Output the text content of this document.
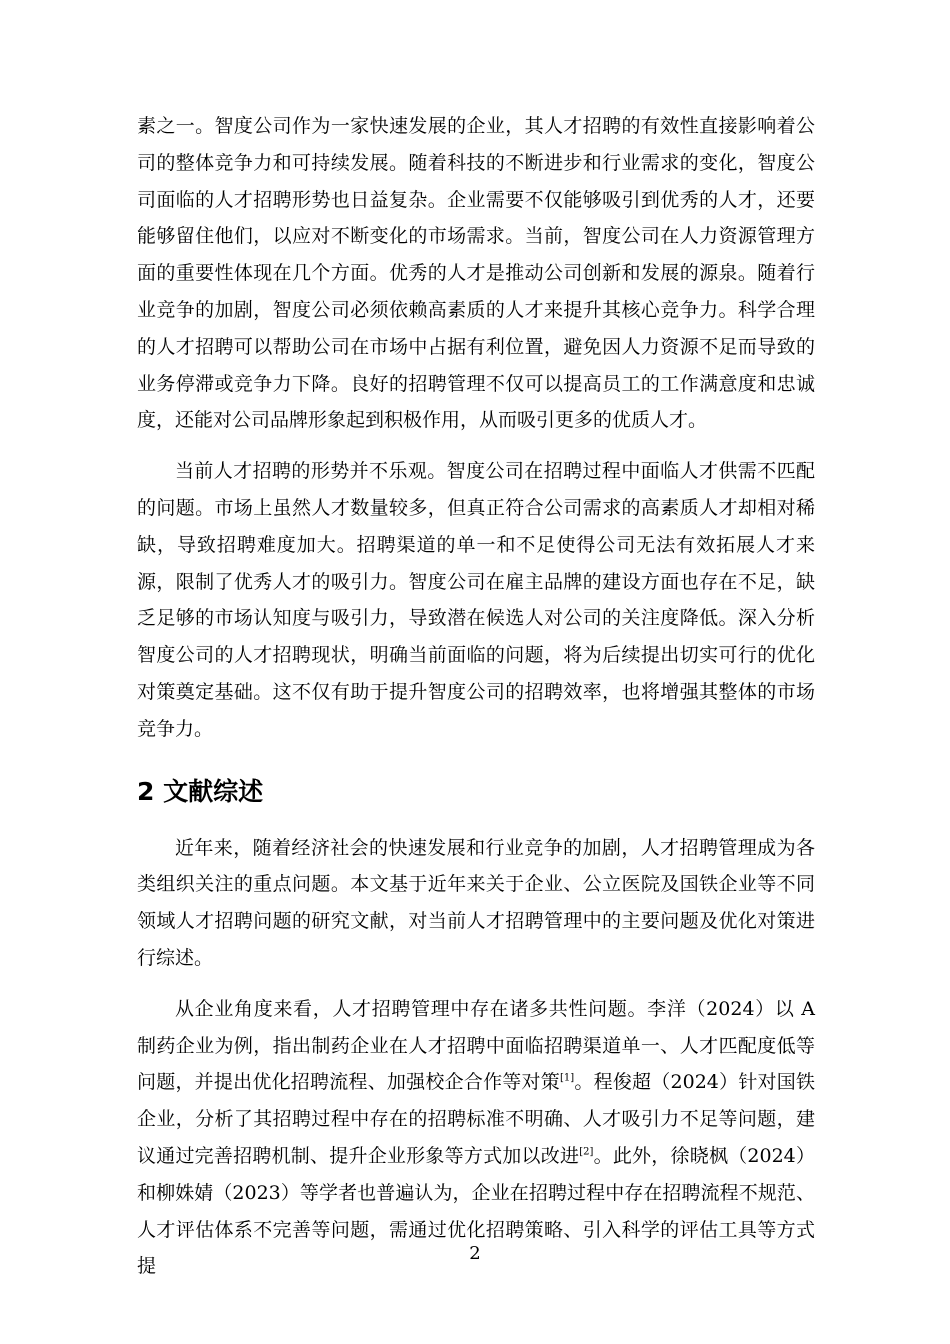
素之一。智度公司作为一家快速发展的企业，其人才招聘的有效性直接影响着公司的整体竞争力和可持续发展。随着科技的不断进步和行业需求的变化，智度公司面临的人才招聘形势也日益复杂。企业需要不仅能够吸引到优秀的人才，还要能够留住他们，以应对不断变化的市场需求。当前，智度公司在人力资源管理方面的重要性体现在几个方面。优秀的人才是推动公司创新和发展的源泉。随着行业竞争的加剧，智度公司必须依赖高素质的人才来提升其核心竞争力。科学合理的人才招聘可以帮助公司在市场中占据有利位置，避免因人力资源不足而导致的业务停滞或竞争力下降。良好的招聘管理不仅可以提高员工的工作满意度和忠诚度，还能对公司品牌形象起到积极作用，从而吸引更多的优质人才。

当前人才招聘的形势并不乐观。智度公司在招聘过程中面临人才供需不匹配的问题。市场上虽然人才数量较多，但真正符合公司需求的高素质人才却相对稀缺，导致招聘难度加大。招聘渠道的单一和不足使得公司无法有效拓展人才来源，限制了优秀人才的吸引力。智度公司在雇主品牌的建设方面也存在不足，缺乏足够的市场认知度与吸引力，导致潜在候选人对公司的关注度降低。深入分析智度公司的人才招聘现状，明确当前面临的问题，将为后续提出切实可行的优化对策奠定基础。这不仅有助于提升智度公司的招聘效率，也将增强其整体的市场竞争力。

2 文献综述

近年来，随着经济社会的快速发展和行业竞争的加剧，人才招聘管理成为各类组织关注的重点问题。本文基于近年来关于企业、公立医院及国铁企业等不同领域人才招聘问题的研究文献，对当前人才招聘管理中的主要问题及优化对策进行综述。

从企业角度来看，人才招聘管理中存在诸多共性问题。李洋（2024）以 A 制药企业为例，指出制药企业在人才招聘中面临招聘渠道单一、人才匹配度低等问题，并提出优化招聘流程、加强校企合作等对策[1]。程俊超（2024）针对国铁企业，分析了其招聘过程中存在的招聘标准不明确、人才吸引力不足等问题，建议通过完善招聘机制、提升企业形象等方式加以改进[2]。此外，徐晓枫（2024）和柳姝婧（2023）等学者也普遍认为，企业在招聘过程中存在招聘流程不规范、人才评估体系不完善等问题，需通过优化招聘策略、引入科学的评估工具等方式提

2
